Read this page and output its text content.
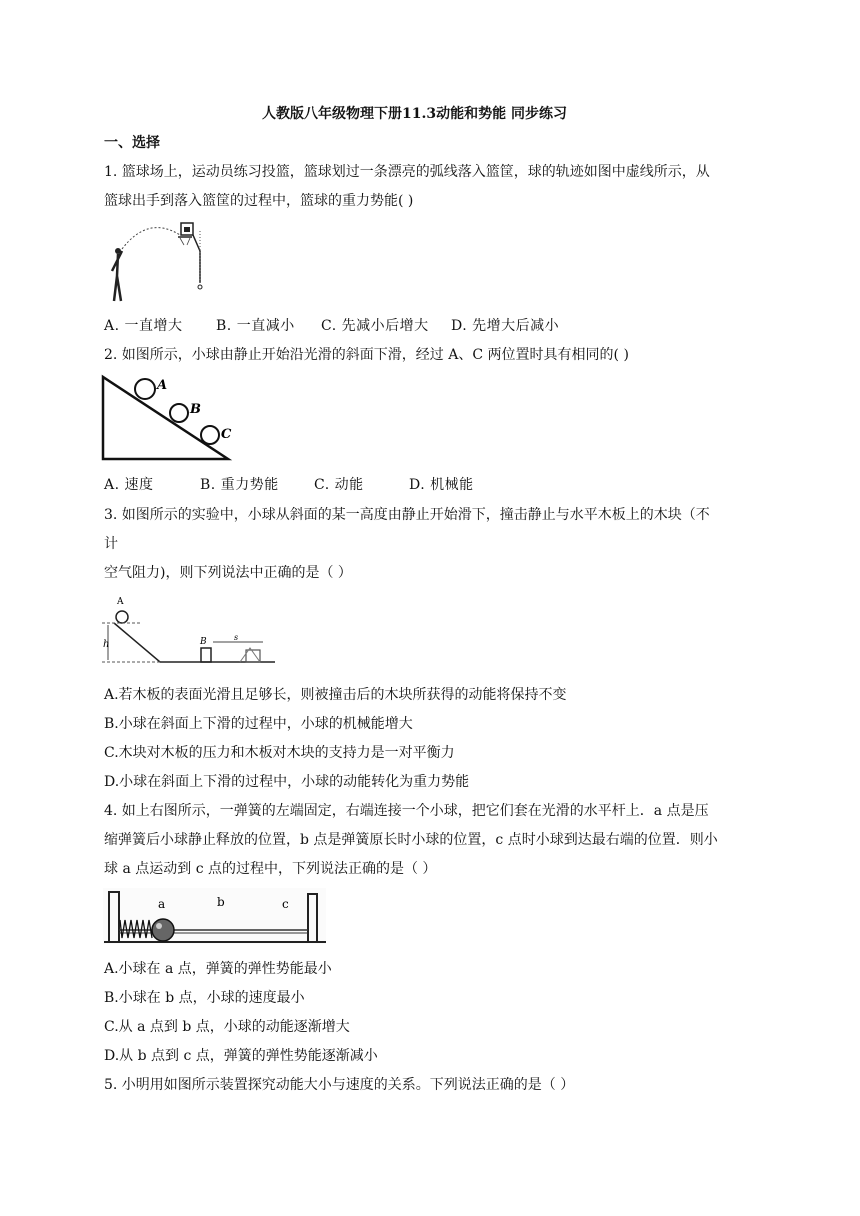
人教版八年级物理下册11.3动能和势能 同步练习
一、选择
1. 篮球场上，运动员练习投篮，篮球划过一条漂亮的弧线落入篮筐，球的轨迹如图中虚线所示，从
篮球出手到落入篮筐的过程中，篮球的重力势能( )
A. 一直增大 B. 一直减小 C. 先减小后增大 D. 先增大后减小
2. 如图所示，小球由静止开始沿光滑的斜面下滑，经过 A、C 两位置时具有相同的( )
A
B
C
A. 速度	B. 重力势能	C. 动能	D. 机械能
3. 如图所示的实验中，小球从斜面的某一高度由静止开始滑下，撞击静止与水平木板上的木块（不
计
空气阻力)，则下列说法中正确的是（ ）
A
h	B	s
A.若木板的表面光滑且足够长，则被撞击后的木块所获得的动能将保持不变
B.小球在斜面上下滑的过程中，小球的机械能增大
C.木块对木板的压力和木板对木块的支持力是一对平衡力
D.小球在斜面上下滑的过程中，小球的动能转化为重力势能
4. 如上右图所示，一弹簧的左端固定，右端连接一个小球，把它们套在光滑的水平杆上．a 点是压
缩弹簧后小球静止释放的位置，b 点是弹簧原长时小球的位置，c 点时小球到达最右端的位置．则小
球 a 点运动到 c 点的过程中，下列说法正确的是（ ）
a	b	c
A.小球在 a 点，弹簧的弹性势能最小
B.小球在 b 点，小球的速度最小
C.从 a 点到 b 点，小球的动能逐渐增大
D.从 b 点到 c 点，弹簧的弹性势能逐渐减小
5. 小明用如图所示装置探究动能大小与速度的关系。下列说法正确的是（ ）
